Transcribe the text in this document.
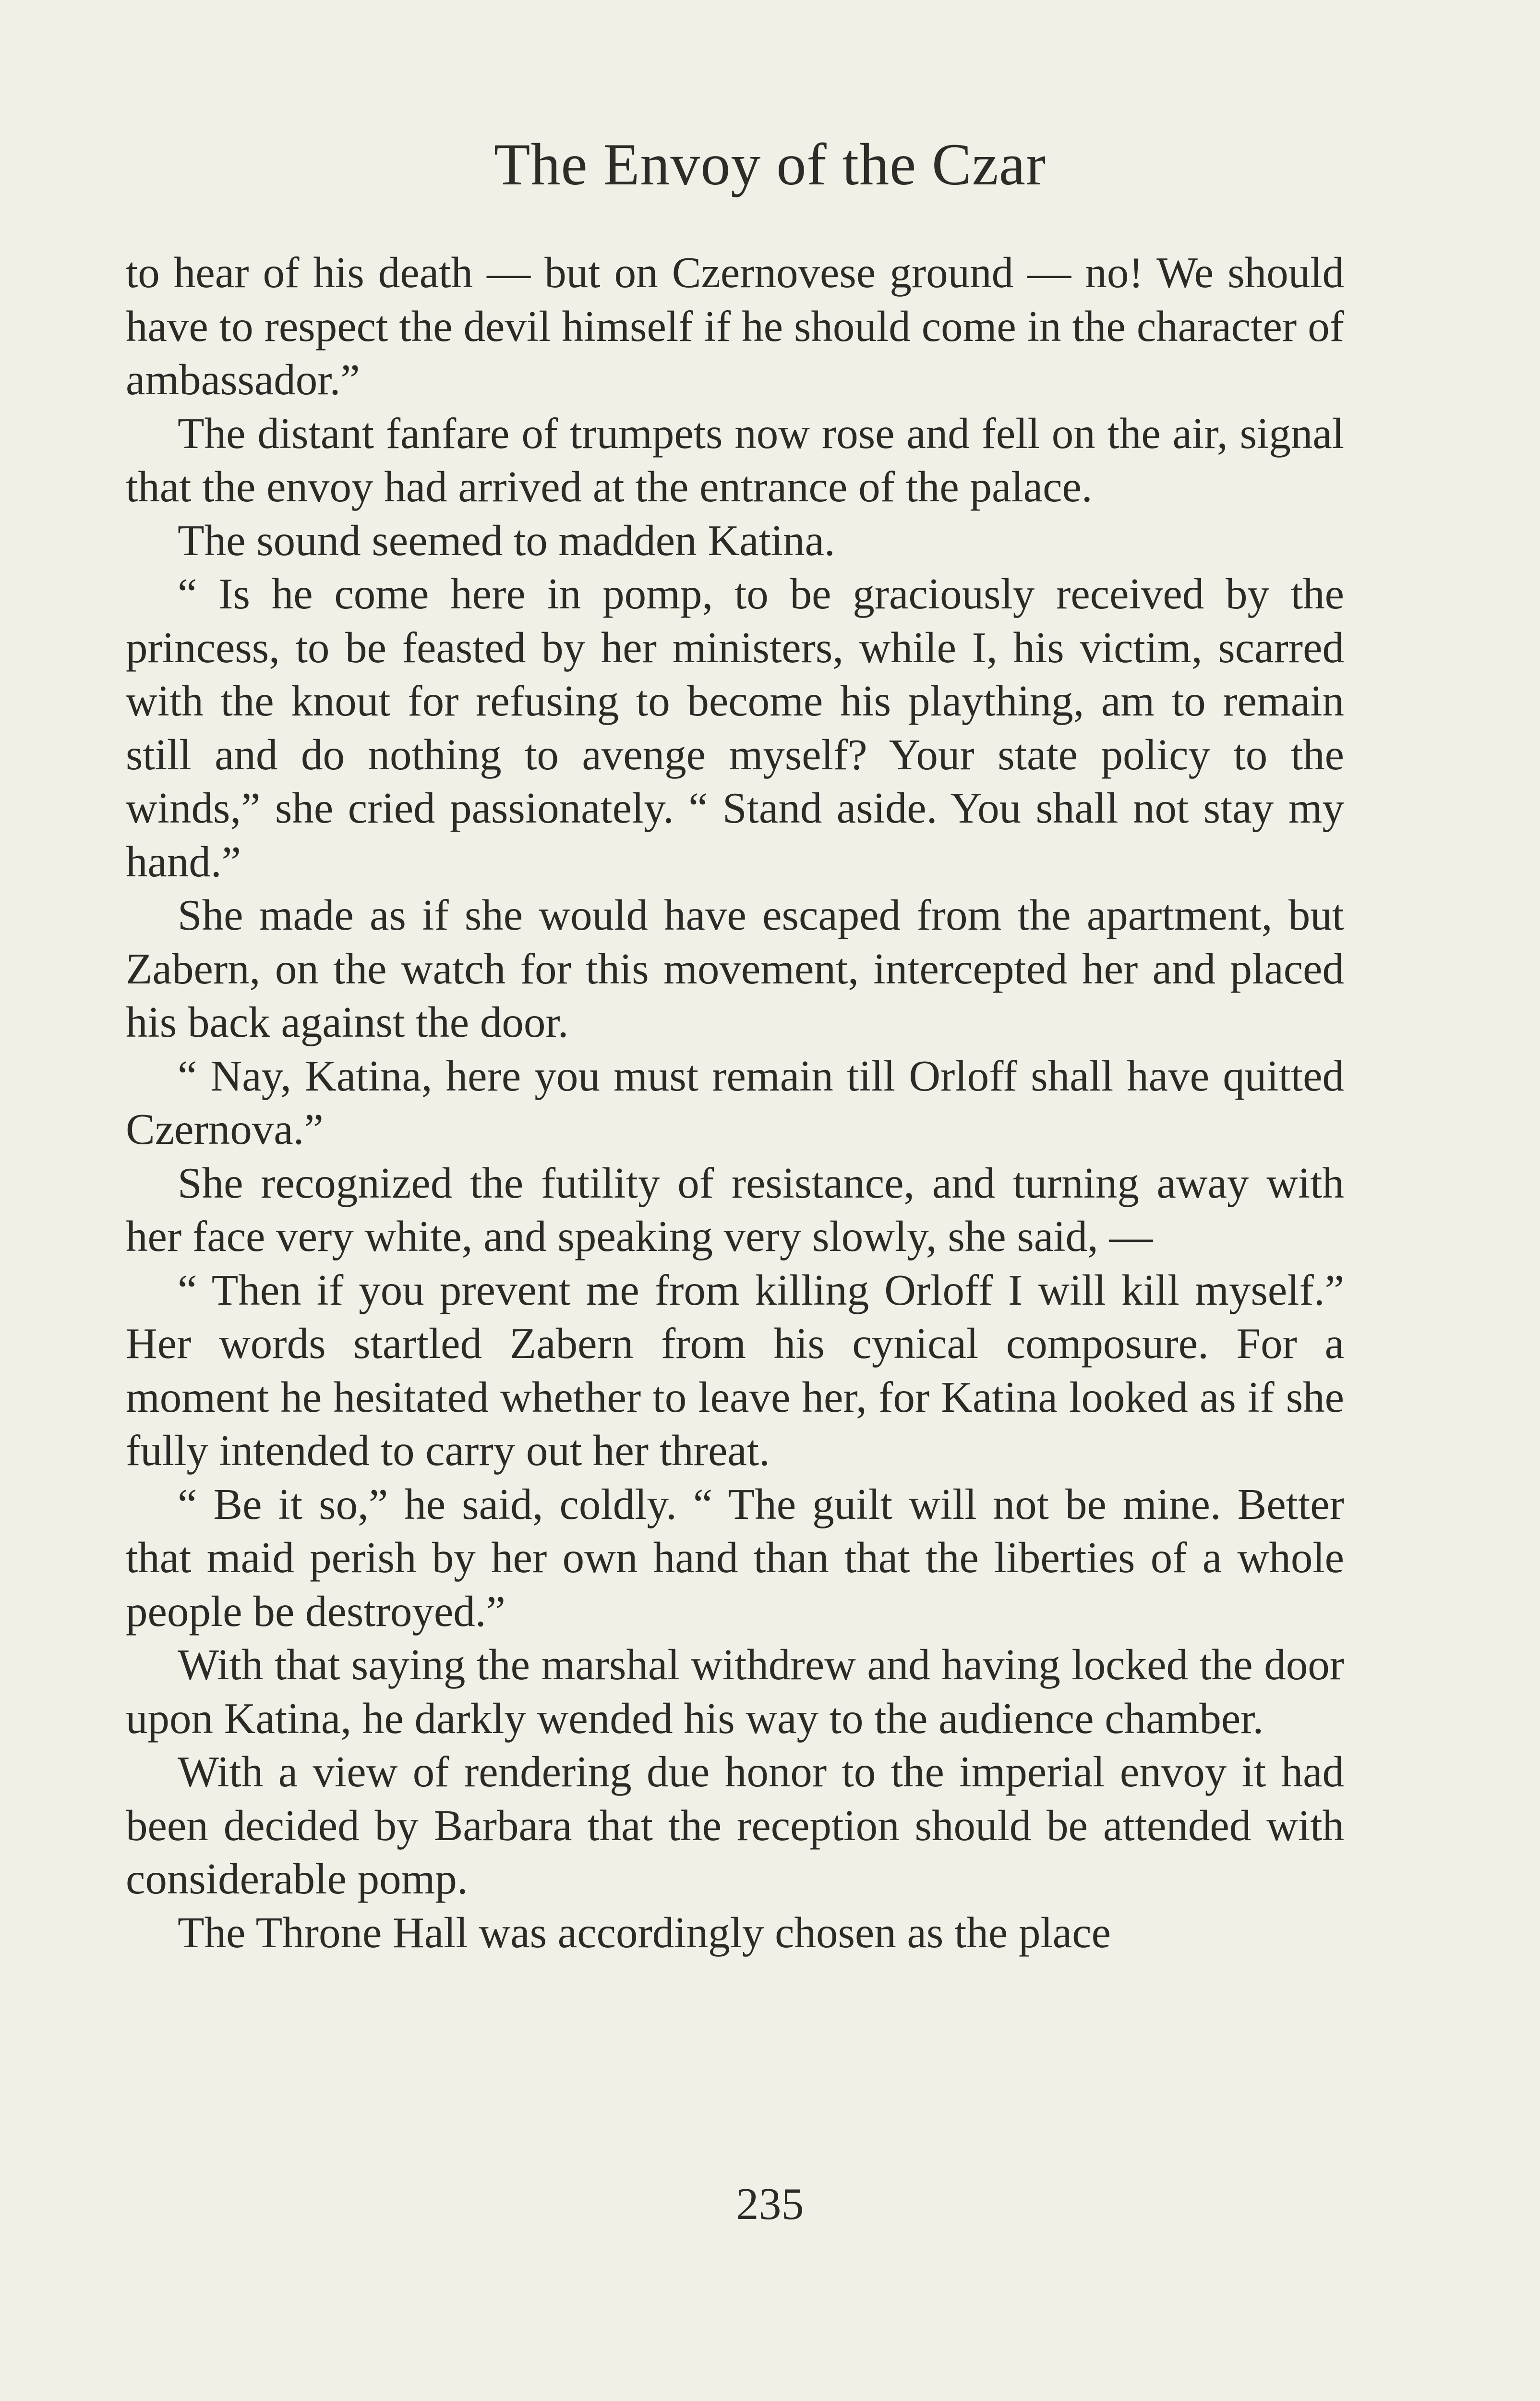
The Envoy of the Czar

to hear of his death — but on Czernovese ground — no! We should have to respect the devil himself if he should come in the character of ambassador.”

The distant fanfare of trumpets now rose and fell on the air, signal that the envoy had arrived at the entrance of the palace.

The sound seemed to madden Katina.

“ Is he come here in pomp, to be graciously received by the princess, to be feasted by her ministers, while I, his victim, scarred with the knout for refusing to become his plaything, am to remain still and do nothing to avenge myself? Your state policy to the winds,” she cried passionately. “ Stand aside. You shall not stay my hand.”

She made as if she would have escaped from the apartment, but Zabern, on the watch for this movement, intercepted her and placed his back against the door.

“ Nay, Katina, here you must remain till Orloff shall have quitted Czernova.”

She recognized the futility of resistance, and turning away with her face very white, and speaking very slowly, she said, —

“ Then if you prevent me from killing Orloff I will kill myself.” Her words startled Zabern from his cynical composure. For a moment he hesitated whether to leave her, for Katina looked as if she fully intended to carry out her threat.

“ Be it so,” he said, coldly. “ The guilt will not be mine. Better that maid perish by her own hand than that the liberties of a whole people be destroyed.”

With that saying the marshal withdrew and having locked the door upon Katina, he darkly wended his way to the audience chamber.

With a view of rendering due honor to the imperial envoy it had been decided by Barbara that the reception should be attended with considerable pomp.

The Throne Hall was accordingly chosen as the place

235
